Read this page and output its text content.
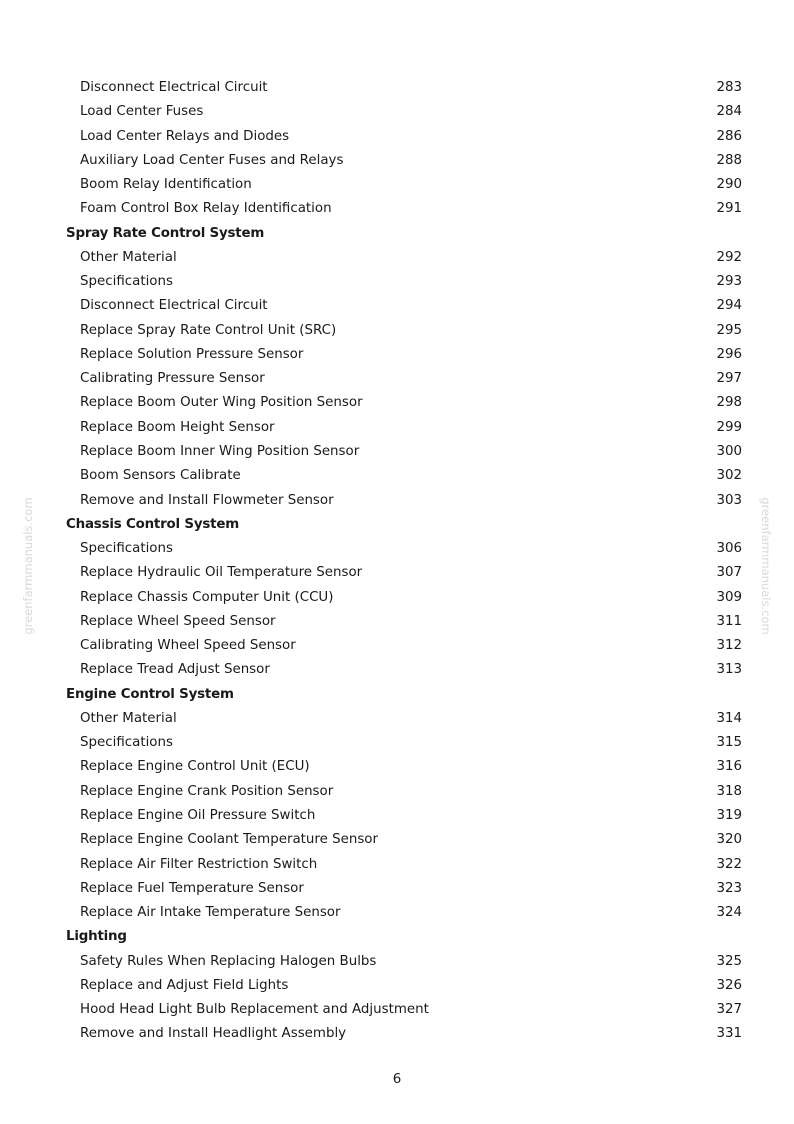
greenfarmmanuals.com	greenfarmmanuals.com
Disconnect Electrical Circuit	283
Load Center Fuses	284
Load Center Relays and Diodes	286
Auxiliary Load Center Fuses and Relays	288
Boom Relay Identification	290
Foam Control Box Relay Identification	291
Spray Rate Control System
Other Material	292
Specifications	293
Disconnect Electrical Circuit	294
Replace Spray Rate Control Unit (SRC)	295
Replace Solution Pressure Sensor	296
Calibrating Pressure Sensor	297
Replace Boom Outer Wing Position Sensor	298
Replace Boom Height Sensor	299
Replace Boom Inner Wing Position Sensor	300
Boom Sensors Calibrate	302
Remove and Install Flowmeter Sensor	303
Chassis Control System
Specifications	306
Replace Hydraulic Oil Temperature Sensor	307
Replace Chassis Computer Unit (CCU)	309
Replace Wheel Speed Sensor	311
Calibrating Wheel Speed Sensor	312
Replace Tread Adjust Sensor	313
Engine Control System
Other Material	314
Specifications	315
Replace Engine Control Unit (ECU)	316
Replace Engine Crank Position Sensor	318
Replace Engine Oil Pressure Switch	319
Replace Engine Coolant Temperature Sensor	320
Replace Air Filter Restriction Switch	322
Replace Fuel Temperature Sensor	323
Replace Air Intake Temperature Sensor	324
Lighting
Safety Rules When Replacing Halogen Bulbs	325
Replace and Adjust Field Lights	326
Hood Head Light Bulb Replacement and Adjustment	327
Remove and Install Headlight Assembly	331
6
